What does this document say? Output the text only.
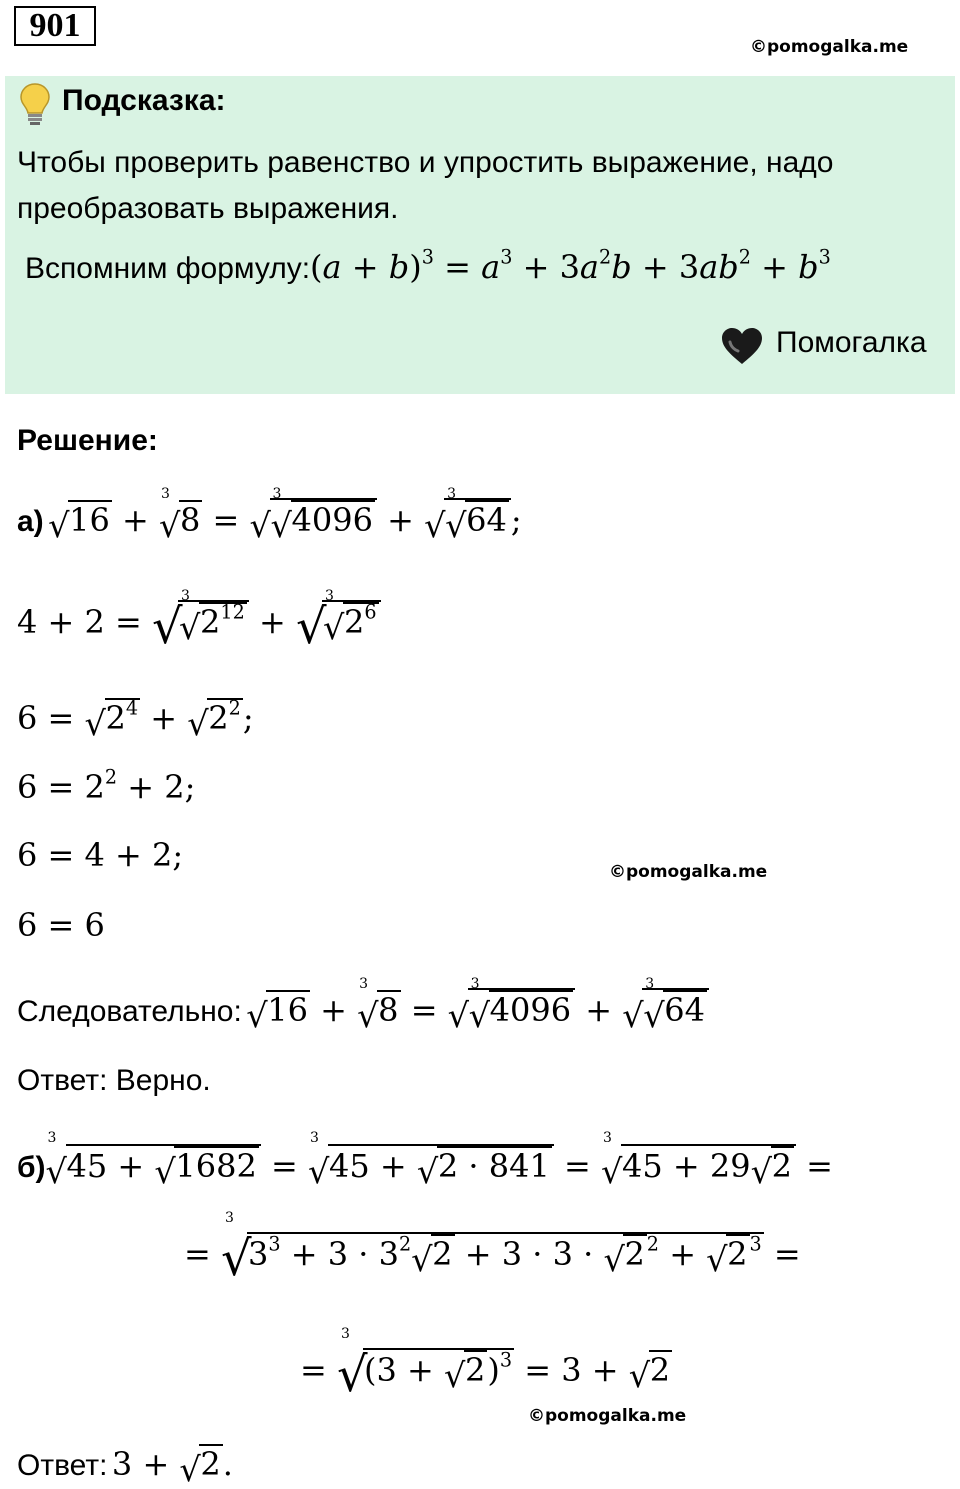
901
©pomogalka.me
Подсказка:
Чтобы проверить равенство и упростить выражение, надо
преобразовать выражения.
Вспомним формулу:(a + $b)^3 = a^3 + 3a^2b + 3ab^2 + b^3$
Помогалка
Решение:
а) √ 16 +
3
√ 8 = √
3
√ 4096 + √
3
√ 64 ;
4 + 2 = √
3
√ $2^{12}$ + √
3
√ $2^6$
6 = √ $2^4$ + √ $2^2$;
$6 = 2^2 + 2$;
6 = 4 + 2;	©pomogalka.me
6 = 6
Следовательно: √ 16 +
3
√ 8 = √
3
√ 4096 + √
3
√ 64
Ответ: Верно.
б)
3
√ 45 + √ 1682 =
3
√ 45 + √ 2 · 841 =
3
√ 45 + 29 √ 2 =
=
3
√
$3^3 + 3 \cdot 3^2$ √ 2 + 3 · 3 · √ 2 $^2$ + √ 2 $^3$ =
=
3
√
(3 + √ 2)$^3$ = 3 + √ 2
©pomogalka.me
Ответ: 3 + √ 2.
